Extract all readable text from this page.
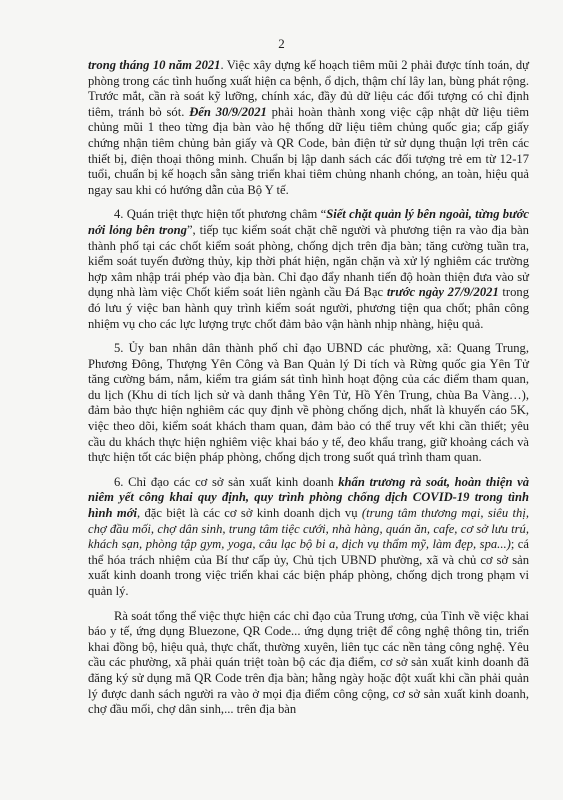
2

trong tháng 10 năm 2021. Việc xây dựng kế hoạch tiêm mũi 2 phải được tính toán, dự phòng trong các tình huống xuất hiện ca bệnh, ổ dịch, thậm chí lây lan, bùng phát rộng. Trước mắt, cần rà soát kỹ lưỡng, chính xác, đầy đủ dữ liệu các đối tượng có chỉ định tiêm, tránh bỏ sót. Đến 30/9/2021 phải hoàn thành xong việc cập nhật dữ liệu tiêm chủng mũi 1 theo từng địa bàn vào hệ thống dữ liệu tiêm chủng quốc gia; cấp giấy chứng nhận tiêm chủng bản giấy và QR Code, bản điện tử sử dụng thuận lợi trên các thiết bị, điện thoại thông minh. Chuẩn bị lập danh sách các đối tượng trẻ em từ 12-17 tuổi, chuẩn bị kế hoạch sẵn sàng triển khai tiêm chủng nhanh chóng, an toàn, hiệu quả ngay sau khi có hướng dẫn của Bộ Y tế.

4. Quán triệt thực hiện tốt phương châm “Siết chặt quản lý bên ngoài, từng bước nới lỏng bên trong”, tiếp tục kiểm soát chặt chẽ người và phương tiện ra vào địa bàn thành phố tại các chốt kiểm soát phòng, chống dịch trên địa bàn; tăng cường tuần tra, kiểm soát tuyến đường thủy, kịp thời phát hiện, ngăn chặn và xử lý nghiêm các trường hợp xâm nhập trái phép vào địa bàn. Chỉ đạo đẩy nhanh tiến độ hoàn thiện đưa vào sử dụng nhà làm việc Chốt kiểm soát liên ngành cầu Đá Bạc trước ngày 27/9/2021 trong đó lưu ý việc ban hành quy trình kiểm soát người, phương tiện qua chốt; phân công nhiệm vụ cho các lực lượng trực chốt đảm bảo vận hành nhịp nhàng, hiệu quả.

5. Ủy ban nhân dân thành phố chỉ đạo UBND các phường, xã: Quang Trung, Phương Đông, Thượng Yên Công và Ban Quản lý Di tích và Rừng quốc gia Yên Tử tăng cường bám, nắm, kiểm tra giám sát tình hình hoạt động của các điểm tham quan, du lịch (Khu di tích lịch sử và danh thắng Yên Tử, Hồ Yên Trung, chùa Ba Vàng…), đảm bảo thực hiện nghiêm các quy định về phòng chống dịch, nhất là khuyến cáo 5K, việc theo dõi, kiểm soát khách tham quan, đảm bảo có thể truy vết khi cần thiết; yêu cầu du khách thực hiện nghiêm việc khai báo y tế, đeo khẩu trang, giữ khoảng cách và thực hiện tốt các biện pháp phòng, chống dịch trong suốt quá trình tham quan.

6. Chỉ đạo các cơ sở sản xuất kinh doanh khẩn trương rà soát, hoàn thiện và niêm yết công khai quy định, quy trình phòng chống dịch COVID-19 trong tình hình mới, đặc biệt là các cơ sở kinh doanh dịch vụ (trung tâm thương mại, siêu thị, chợ đầu mối, chợ dân sinh, trung tâm tiệc cưới, nhà hàng, quán ăn, cafe, cơ sở lưu trú, khách sạn, phòng tập gym, yoga, câu lạc bộ bi a, dịch vụ thẩm mỹ, làm đẹp, spa...); cá thể hóa trách nhiệm của Bí thư cấp ủy, Chủ tịch UBND phường, xã và chủ cơ sở sản xuất kinh doanh trong việc triển khai các biện pháp phòng, chống dịch trong phạm vi quản lý.

Rà soát tổng thể việc thực hiện các chỉ đạo của Trung ương, của Tỉnh về việc khai báo y tế, ứng dụng Bluezone, QR Code... ứng dụng triệt để công nghệ thông tin, triển khai đồng bộ, hiệu quả, thực chất, thường xuyên, liên tục các nền tảng công nghệ. Yêu cầu các phường, xã phải quán triệt toàn bộ các địa điểm, cơ sở sản xuất kinh doanh đã đăng ký sử dụng mã QR Code trên địa bàn; hằng ngày hoặc đột xuất khi cần phải quản lý được danh sách người ra vào ở mọi địa điểm công cộng, cơ sở sản xuất kinh doanh, chợ đầu mối, chợ dân sinh,... trên địa bàn
